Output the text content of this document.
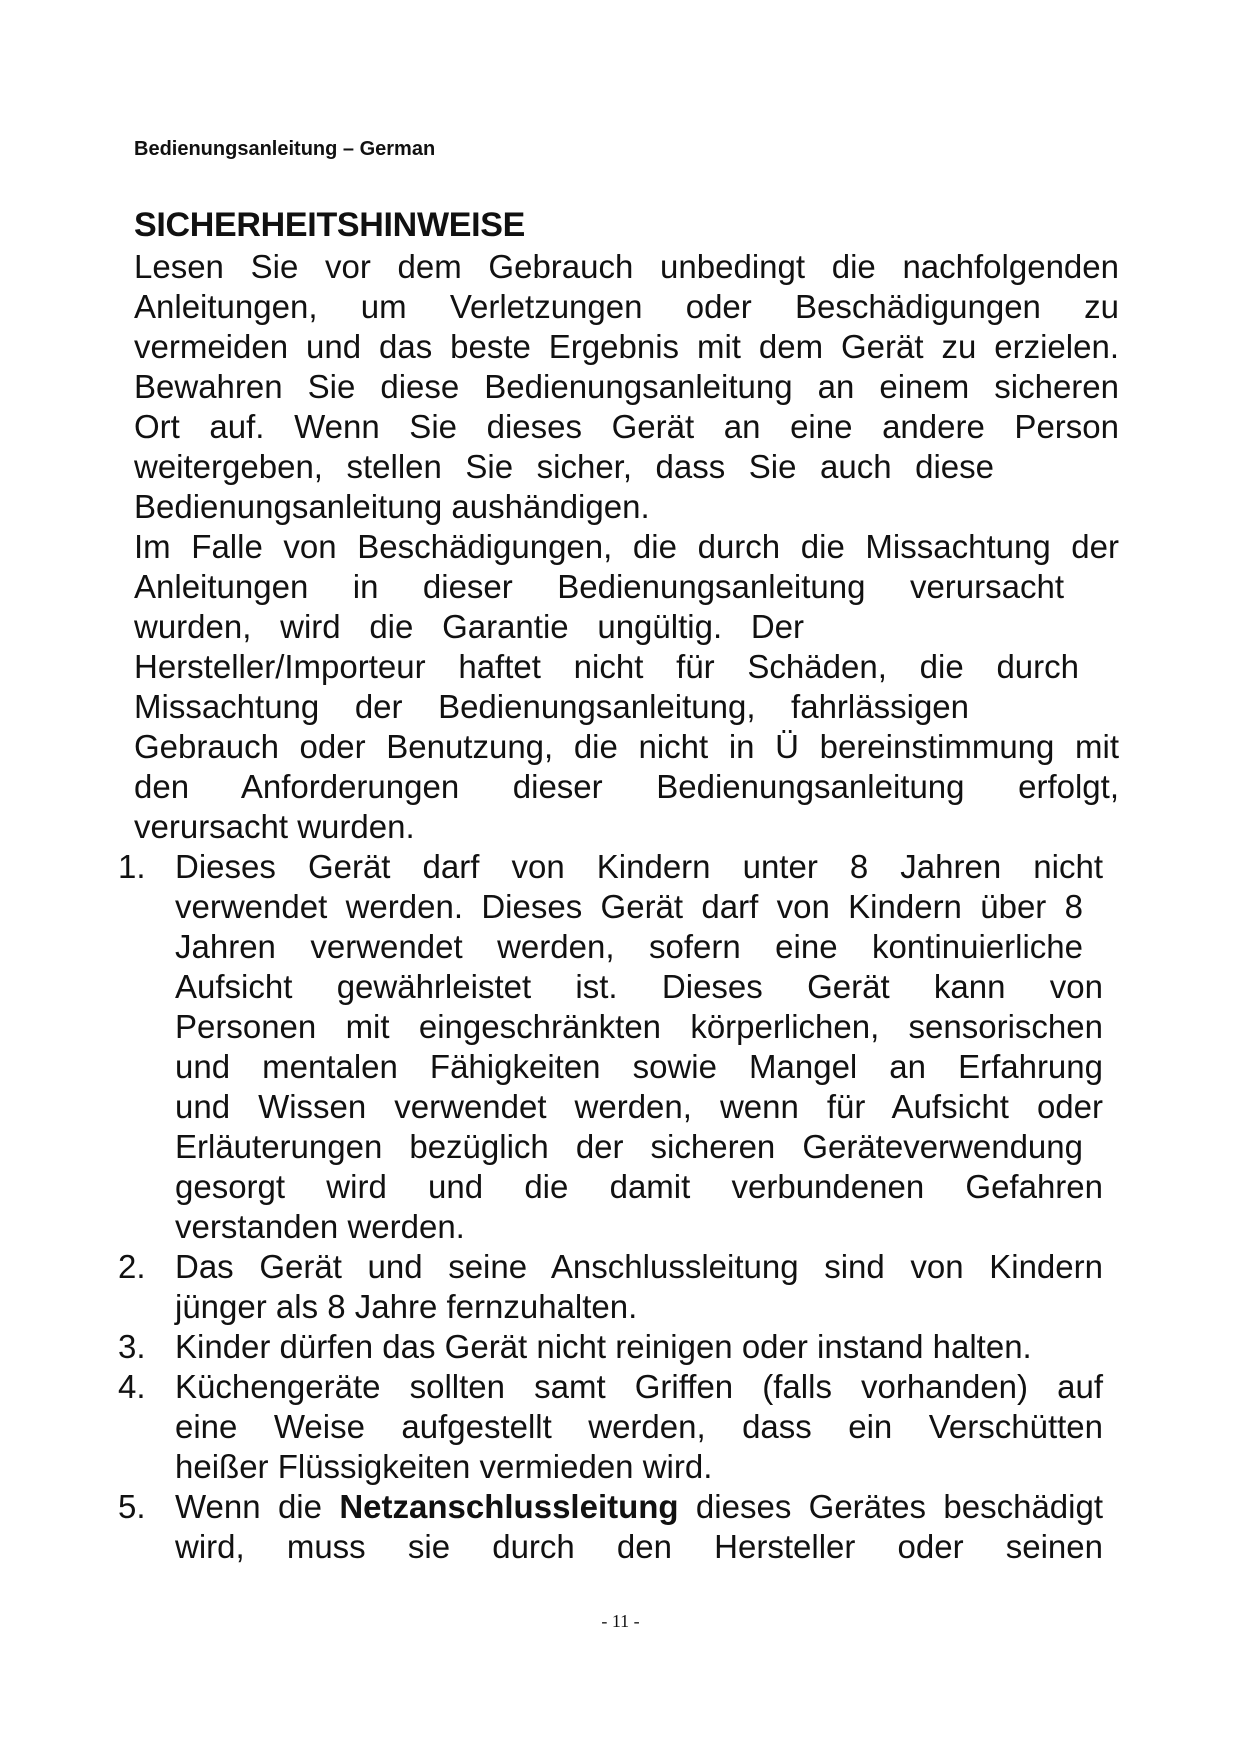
Bedienungsanleitung – German
SICHERHEITSHINWEISE
Lesen Sie vor dem Gebrauch unbedingt die nachfolgenden
Anleitungen, um Verletzungen oder Beschädigungen zu
vermeiden und das beste Ergebnis mit dem Gerät zu erzielen.
Bewahren Sie diese Bedienungsanleitung an einem sicheren
Ort auf. Wenn Sie dieses Gerät an eine andere Person
weitergeben, stellen Sie sicher, dass Sie auch diese
Bedienungsanleitung aushändigen.
Im Falle von Beschädigungen, die durch die Missachtung der
Anleitungen in dieser Bedienungsanleitung verursacht
wurden, wird die Garantie ungültig. Der
Hersteller/Importeur haftet nicht für Schäden, die durch
Missachtung der Bedienungsanleitung, fahrlässigen
Gebrauch oder Benutzung, die nicht in Ü bereinstimmung mit
den Anforderungen dieser Bedienungsanleitung erfolgt,
verursacht wurden.
1. Dieses Gerät darf von Kindern unter 8 Jahren nicht
verwendet werden. Dieses Gerät darf von Kindern über 8
Jahren verwendet werden, sofern eine kontinuierliche
Aufsicht gewährleistet ist. Dieses Gerät kann von
Personen mit eingeschränkten körperlichen, sensorischen
und mentalen Fähigkeiten sowie Mangel an Erfahrung
und Wissen verwendet werden, wenn für Aufsicht oder
Erläuterungen bezüglich der sicheren Geräteverwendung
gesorgt wird und die damit verbundenen Gefahren
verstanden werden.
2. Das Gerät und seine Anschlussleitung sind von Kindern
jünger als 8 Jahre fernzuhalten.
3. Kinder dürfen das Gerät nicht reinigen oder instand halten.
4. Küchengeräte sollten samt Griffen (falls vorhanden) auf
eine Weise aufgestellt werden, dass ein Verschütten
heißer Flüssigkeiten vermieden wird.
5. Wenn die Netzanschlussleitung dieses Gerätes beschädigt
wird, muss sie durch den Hersteller oder seinen
- 11 -
